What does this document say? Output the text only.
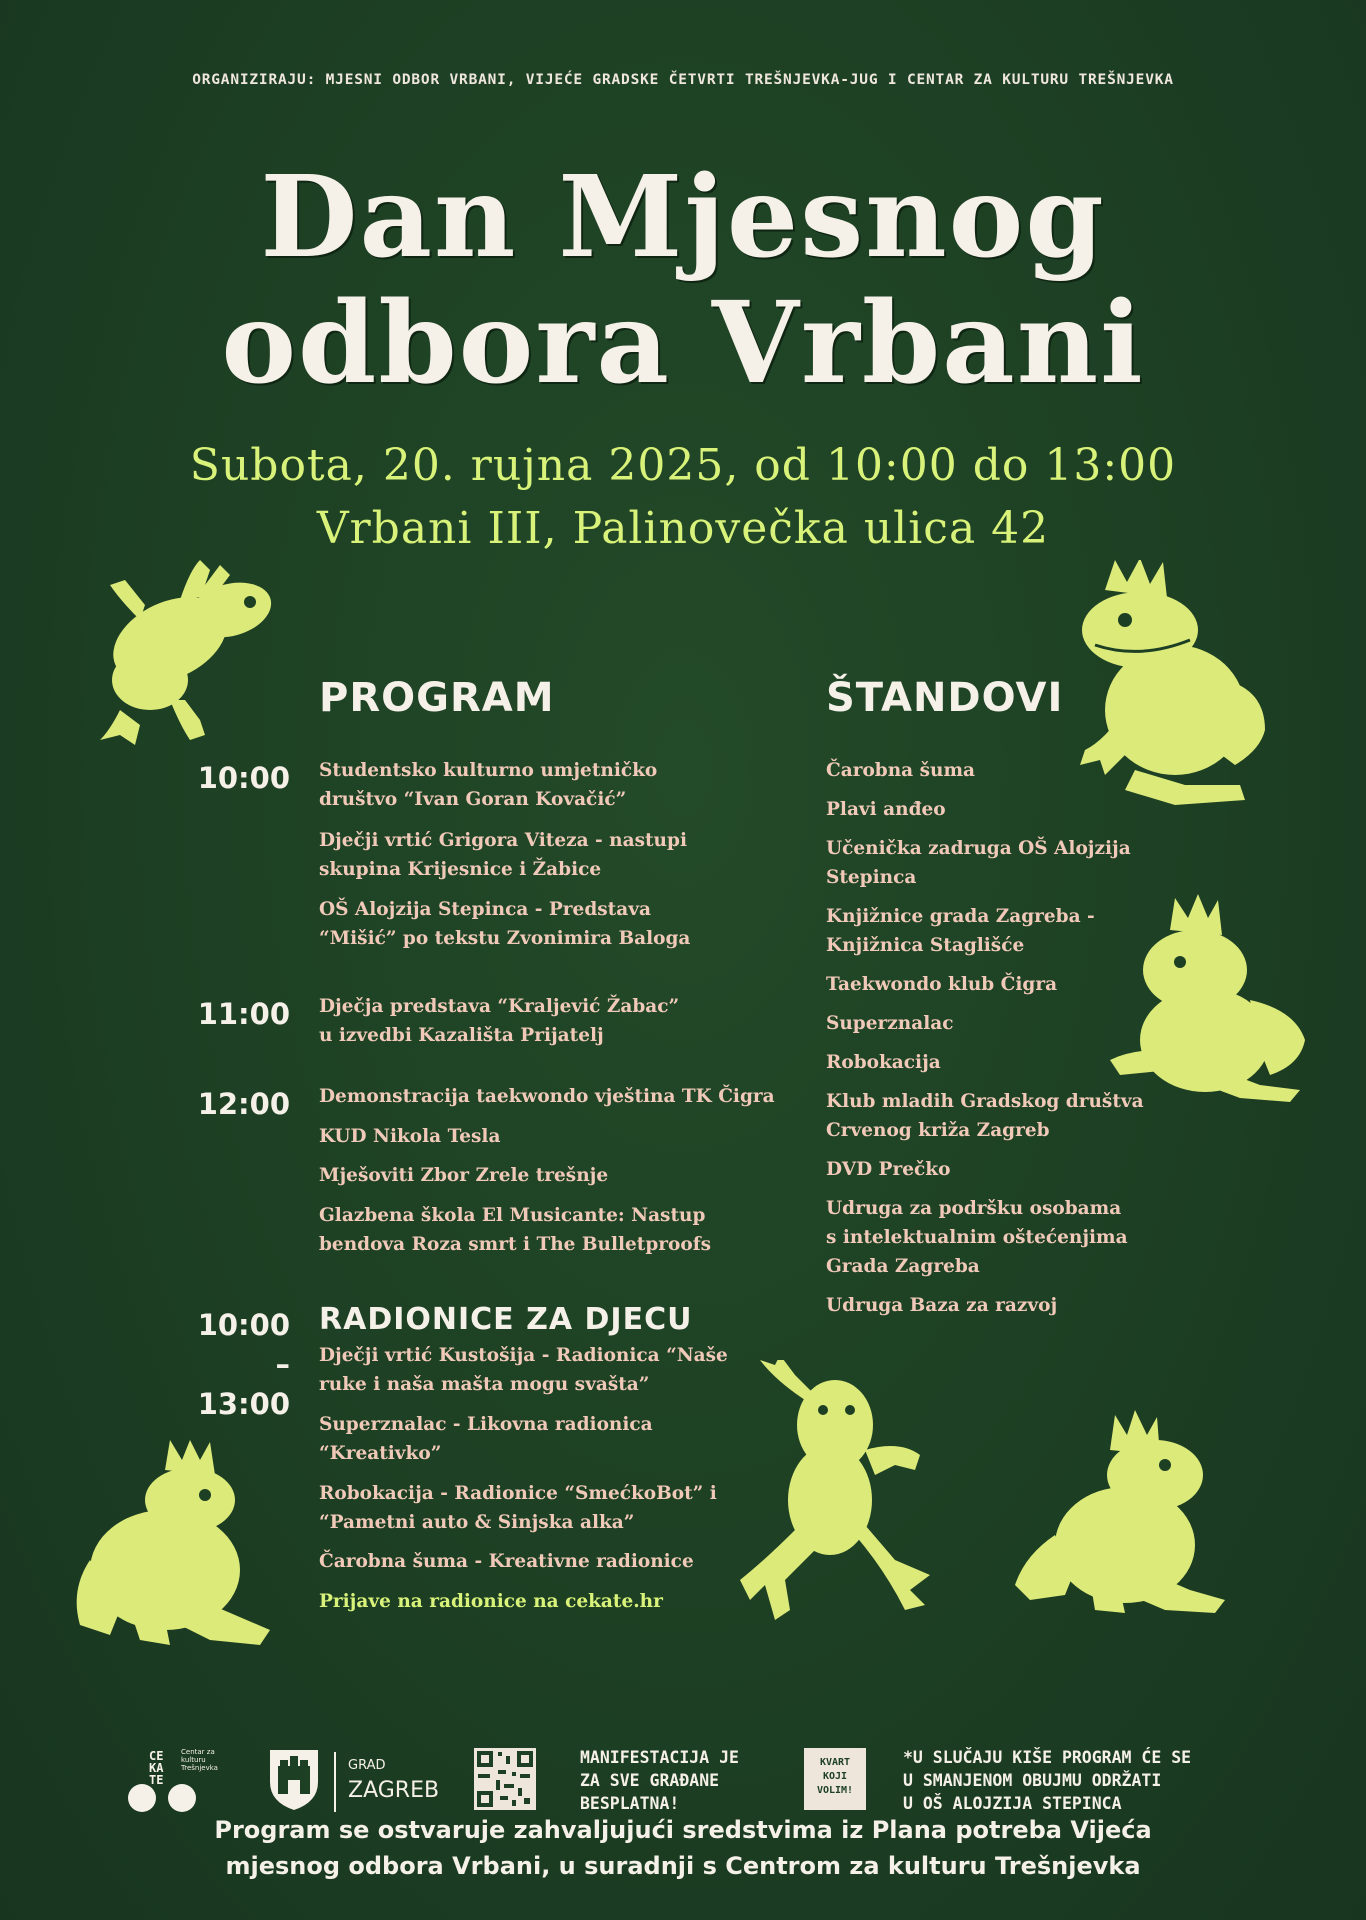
ORGANIZIRAJU: MJESNI ODBOR VRBANI, VIJEĆE GRADSKE ČETVRTI TREŠNJEVKA-JUG I CENTAR ZA KULTURU TREŠNJEVKA
Dan Mjesnog
odbora Vrbani
Subota, 20. rujna 2025, od 10:00 do 13:00
Vrbani III, Palinovečka ulica 42
PROGRAM
10:00 Studentsko kulturno umjetničko
društvo “Ivan Goran Kovačić”
Dječji vrtić Grigora Viteza - nastupi
skupina Krijesnice i Žabice
OŠ Alojzija Stepinca - Predstava
“Mišić” po tekstu Zvonimira Baloga
11:00 Dječja predstava “Kraljević Žabac”
u izvedbi Kazališta Prijatelj
12:00 Demonstracija taekwondo vještina TK Čigra
KUD Nikola Tesla
Mješoviti Zbor Zrele trešnje
Glazbena škola El Musicante: Nastup
bendova Roza smrt i The Bulletproofs
10:00
– 13:00
RADIONICE ZA DJECU
Dječji vrtić Kustošija - Radionica “Naše
ruke i naša mašta mogu svašta”
Superznalac - Likovna radionica
“Kreativko”
Robokacija - Radionice “SmećkoBot” i
“Pametni auto & Sinjska alka”
Čarobna šuma - Kreativne radionice
Prijave na radionice na cekate.hr
ŠTANDOVI
Čarobna šuma
Plavi anđeo
Učenička zadruga OŠ Alojzija
Stepinca
Knjižnice grada Zagreba -
Knjižnica Staglišće
Taekwondo klub Čigra
Superznalac
Robokacija
Klub mladih Gradskog društva
Crvenog križa Zagreb
DVD Prečko
Udruga za podršku osobama
s intelektualnim oštećenjima
Grada Zagreba
Udruga Baza za razvoj
CE
KA
TE
Centar za kulturu Trešnjevka	GRAD
ZAGREB
MANIFESTACIJA JE
ZA SVE GRAĐANE
BESPLATNA!
KVART KOJI VOLIM!
*U SLUČAJU KIŠE PROGRAM ĆE SE
U SMANJENOM OBUJMU ODRŽATI
U OŠ ALOJZIJA STEPINCA
Program se ostvaruje zahvaljujući sredstvima iz Plana potreba Vijeća
mjesnog odbora Vrbani, u suradnji s Centrom za kulturu Trešnjevka
